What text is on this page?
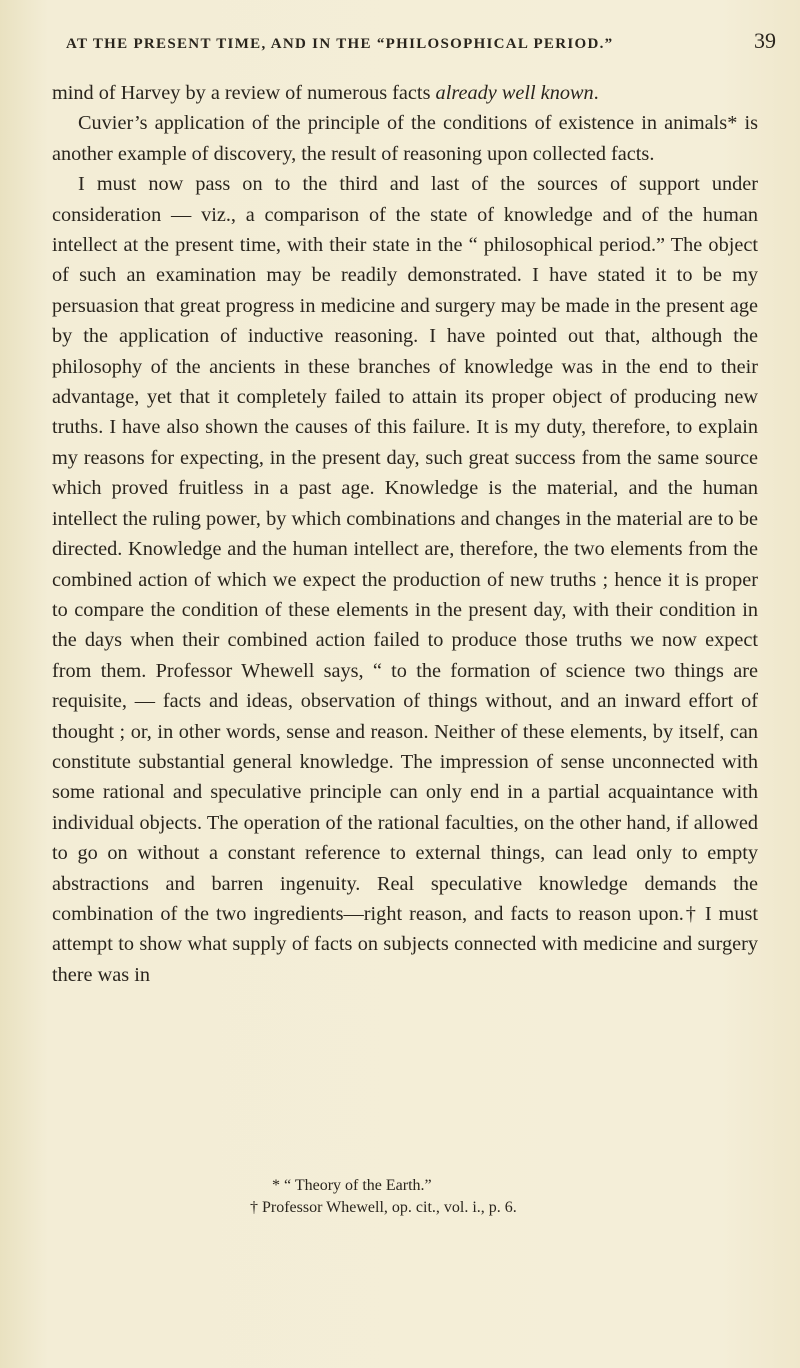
AT THE PRESENT TIME, AND IN THE “PHILOSOPHICAL PERIOD.”	39

mind of Harvey by a review of numerous facts already well known.

Cuvier’s application of the principle of the conditions of existence in animals* is another example of discovery, the result of reasoning upon collected facts.

I must now pass on to the third and last of the sources of support under consideration — viz., a comparison of the state of knowledge and of the human intellect at the present time, with their state in the “ philosophical period.” The object of such an examination may be readily demonstrated. I have stated it to be my persuasion that great progress in medicine and surgery may be made in the present age by the application of inductive reasoning. I have pointed out that, although the philosophy of the ancients in these branches of knowledge was in the end to their advantage, yet that it completely failed to attain its proper object of producing new truths. I have also shown the causes of this failure. It is my duty, therefore, to explain my reasons for expecting, in the present day, such great success from the same source which proved fruitless in a past age. Knowledge is the material, and the human intellect the ruling power, by which combinations and changes in the material are to be directed. Knowledge and the human intellect are, therefore, the two elements from the combined action of which we expect the production of new truths ; hence it is proper to compare the condition of these elements in the present day, with their condition in the days when their combined action failed to produce those truths we now expect from them. Professor Whewell says, “ to the formation of science two things are requisite, — facts and ideas, observation of things without, and an inward effort of thought ; or, in other words, sense and reason. Neither of these elements, by itself, can constitute substantial general knowledge. The impression of sense unconnected with some rational and speculative principle can only end in a partial acquaintance with individual objects. The operation of the rational faculties, on the other hand, if allowed to go on without a constant reference to external things, can lead only to empty abstractions and barren ingenuity. Real speculative knowledge demands the combination of the two ingredients—right reason, and facts to reason upon.† I must attempt to show what supply of facts on subjects connected with medicine and surgery there was in

* “ Theory of the Earth.”
† Professor Whewell, op. cit., vol. i., p. 6.
